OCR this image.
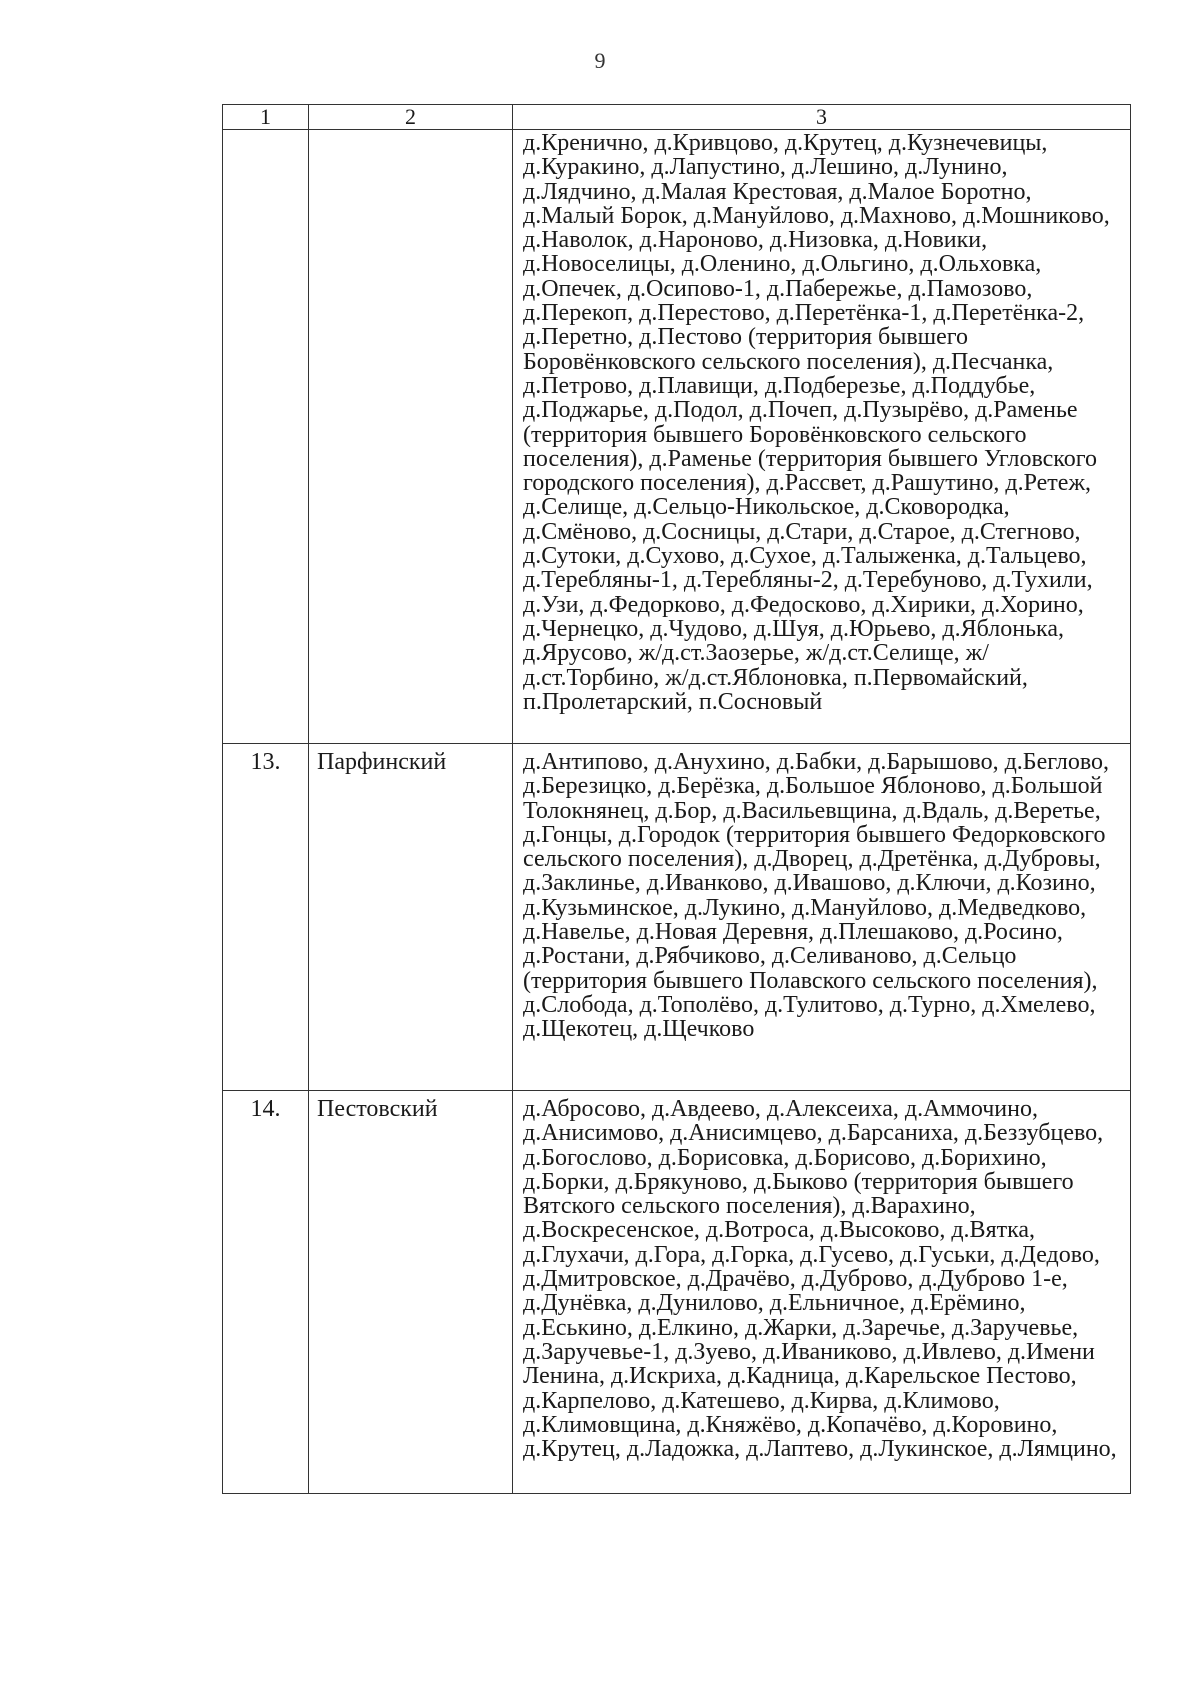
9
1	2	3
		д.Кренично, д.Кривцово, д.Крутец, д.Кузнечевицы, д.Куракино, д.Лапустино, д.Лешино, д.Лунино, д.Лядчино, д.Малая Крестовая, д.Малое Боротно, д.Малый Борок, д.Мануйлово, д.Махново, д.Мошниково, д.Наволок, д.Нароново, д.Низовка, д.Новики, д.Новоселицы, д.Оленино, д.Ольгино, д.Ольховка, д.Опечек, д.Осипово-1, д.Пабережье, д.Памозово, д.Перекоп, д.Перестово, д.Перетёнка-1, д.Перетёнка-2, д.Перетно, д.Пестово (территория бывшего Боровёнковского сельского поселения), д.Песчанка, д.Петрово, д.Плавищи, д.Подберезье, д.Поддубье, д.Поджарье, д.Подол, д.Почеп, д.Пузырёво, д.Раменье (территория бывшего Боровёнковского сельского поселения), д.Раменье (территория бывшего Угловского городского поселения), д.Рассвет, д.Рашутино, д.Ретеж, д.Селище, д.Сельцо-Никольское, д.Сковородка, д.Смёново, д.Сосницы, д.Стари, д.Старое, д.Стегново, д.Сутоки, д.Сухово, д.Сухое, д.Талыженка, д.Тальцево, д.Теребляны-1, д.Теребляны-2, д.Теребуново, д.Тухили, д.Узи, д.Федорково, д.Федосково, д.Хирики, д.Хорино, д.Чернецко, д.Чудово, д.Шуя, д.Юрьево, д.Яблонька, д.Ярусово, ж/д.ст.Заозерье, ж/д.ст.Селище, ж/д.ст.Торбино, ж/д.ст.Яблоновка, п.Первомайский, п.Пролетарский, п.Сосновый
13.	Парфинский	д.Антипово, д.Анухино, д.Бабки, д.Барышово, д.Беглово, д.Березицко, д.Берёзка, д.Большое Яблоново, д.Большой Толокнянец, д.Бор, д.Васильевщина, д.Вдаль, д.Веретье, д.Гонцы, д.Городок (территория бывшего Федорковского сельского поселения), д.Дворец, д.Дретёнка, д.Дубровы, д.Заклинье, д.Иванково, д.Ивашово, д.Ключи, д.Козино, д.Кузьминское, д.Лукино, д.Мануйлово, д.Медведково, д.Навелье, д.Новая Деревня, д.Плешаково, д.Росино, д.Ростани, д.Рябчиково, д.Селиваново, д.Сельцо (территория бывшего Полавского сельского поселения), д.Слобода, д.Тополёво, д.Тулитово, д.Турно, д.Хмелево, д.Щекотец, д.Щечково
14.	Пестовский	д.Абросово, д.Авдеево, д.Алексеиха, д.Аммочино, д.Анисимово, д.Анисимцево, д.Барсаниха, д.Беззубцево, д.Богослово, д.Борисовка, д.Борисово, д.Борихино, д.Борки, д.Брякуново, д.Быково (территория бывшего Вятского сельского поселения), д.Варахино, д.Воскресенское, д.Вотроса, д.Высоково, д.Вятка, д.Глухачи, д.Гора, д.Горка, д.Гусево, д.Гуськи, д.Дедово, д.Дмитровское, д.Драчёво, д.Дуброво, д.Дуброво 1-е, д.Дунёвка, д.Дунилово, д.Ельничное, д.Ерёмино, д.Еськино, д.Елкино, д.Жарки, д.Заречье, д.Заручевье, д.Заручевье-1, д.Зуево, д.Иваниково, д.Ивлево, д.Имени Ленина, д.Искриха, д.Кадница, д.Карельское Пестово, д.Карпелово, д.Катешево, д.Кирва, д.Климово, д.Климовщина, д.Княжёво, д.Копачёво, д.Коровино, д.Крутец, д.Ладожка, д.Лаптево, д.Лукинское, д.Лямцино,
